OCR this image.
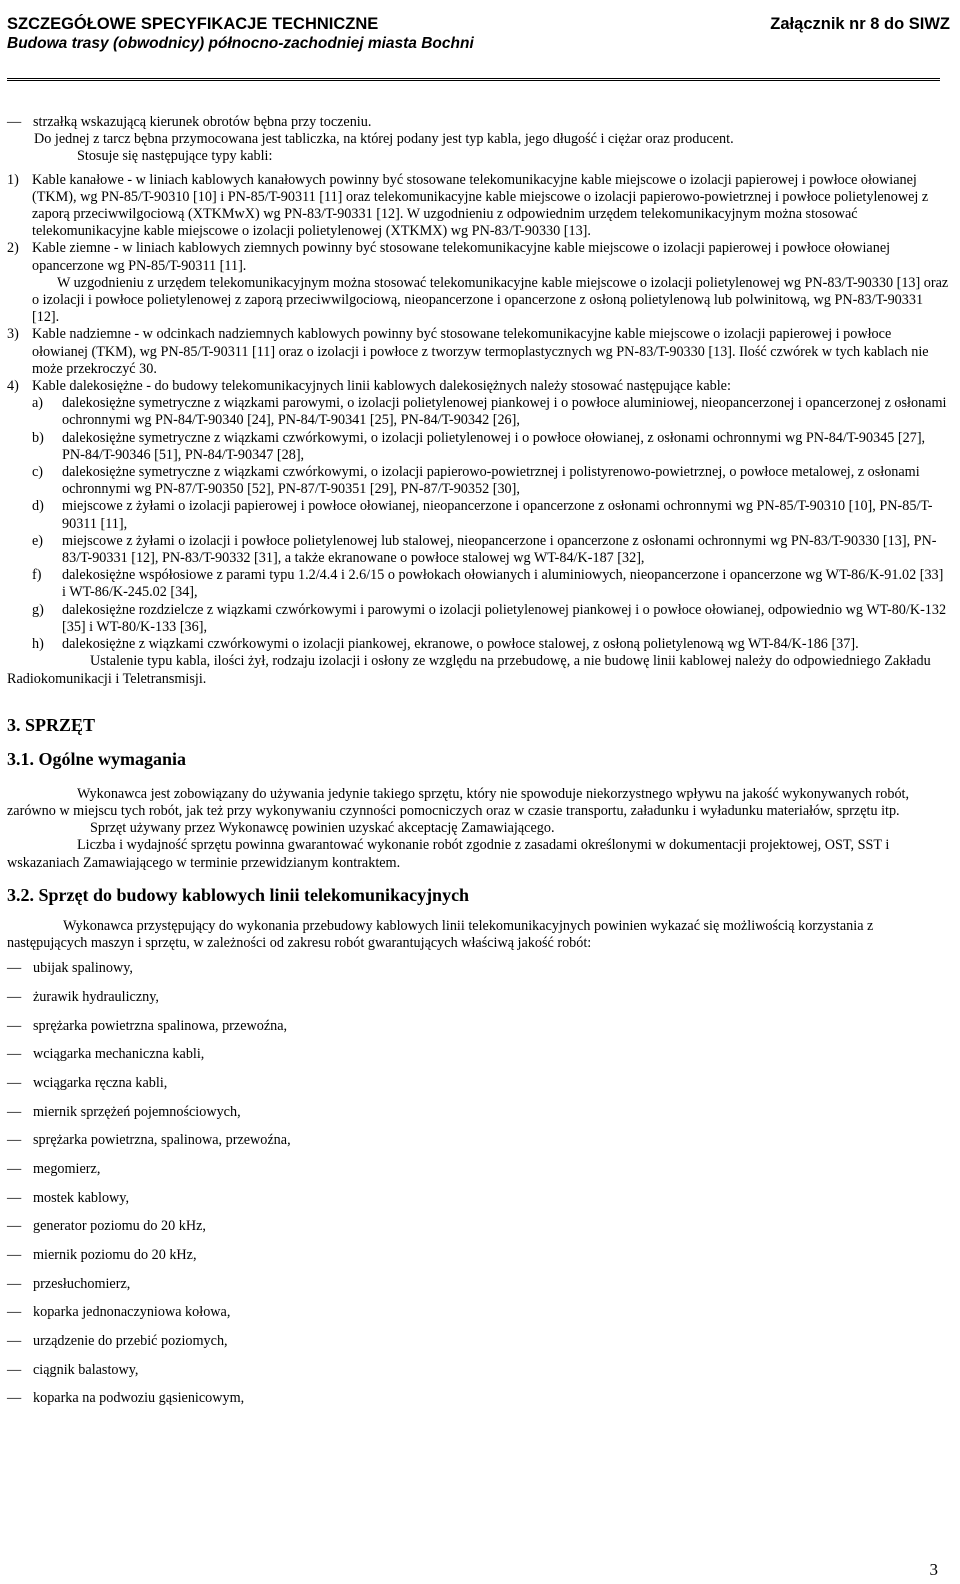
SZCZEGÓŁOWE SPECYFIKACJE TECHNICZNE
Budowa trasy (obwodnicy) północno-zachodniej miasta Bochni
Załącznik nr 8 do SIWZ

— strzałką wskazującą kierunek obrotów bębna przy toczeniu.

Do jednej z tarcz bębna przymocowana jest tabliczka, na której podany jest typ kabla, jego długość i ciężar oraz producent.

Stosuje się następujące typy kabli:

1) Kable kanałowe - w liniach kablowych kanałowych powinny być stosowane telekomunikacyjne kable miejscowe o izolacji papierowej i powłoce ołowianej (TKM), wg PN-85/T-90310 [10] i PN-85/T-90311 [11] oraz telekomunikacyjne kable miejscowe o izolacji papierowo-powietrznej i powłoce polietylenowej z zaporą przeciwwilgociową (XTKMwX) wg PN-83/T-90331 [12]. W uzgodnieniu z odpowiednim urzędem telekomunikacyjnym można stosować telekomunikacyjne kable miejscowe o izolacji polietylenowej (XTKMX) wg PN-83/T-90330 [13].
2) Kable ziemne - w liniach kablowych ziemnych powinny być stosowane telekomunikacyjne kable miejscowe o izolacji papierowej i powłoce ołowianej opancerzone wg PN-85/T-90311 [11].

W uzgodnieniu z urzędem telekomunikacyjnym można stosować telekomunikacyjne kable miejscowe o izolacji polietylenowej wg PN-83/T-90330 [13] oraz o izolacji i powłoce polietylenowej z zaporą przeciwwilgociową, nieopancerzone i opancerzone z osłoną polietylenową lub polwinitową, wg PN-83/T-90331 [12].

3) Kable nadziemne - w odcinkach nadziemnych kablowych powinny być stosowane telekomunikacyjne kable miejscowe o izolacji papierowej i powłoce ołowianej (TKM), wg PN-85/T-90311 [11] oraz o izolacji i powłoce z tworzyw termoplastycznych wg PN-83/T-90330 [13]. Ilość czwórek w tych kablach nie może przekroczyć 30.
4) Kable dalekosiężne - do budowy telekomunikacyjnych linii kablowych dalekosiężnych należy stosować następujące kable:
a) dalekosiężne symetryczne z wiązkami parowymi, o izolacji polietylenowej piankowej i o powłoce aluminiowej, nieopancerzonej i opancerzonej z osłonami ochronnymi wg PN-84/T-90340 [24], PN-84/T-90341 [25], PN-84/T-90342 [26],
b) dalekosiężne symetryczne z wiązkami czwórkowymi, o izolacji polietylenowej i o powłoce ołowianej, z osłonami ochronnymi wg PN-84/T-90345 [27], PN-84/T-90346 [51], PN-84/T-90347 [28],
c) dalekosiężne symetryczne z wiązkami czwórkowymi, o izolacji papierowo-powietrznej i polistyrenowo-powietrznej, o powłoce metalowej, z osłonami ochronnymi wg PN-87/T-90350 [52], PN-87/T-90351 [29], PN-87/T-90352 [30],
d) miejscowe z żyłami o izolacji papierowej i powłoce ołowianej, nieopancerzone i opancerzone z osłonami ochronnymi wg PN-85/T-90310 [10], PN-85/T-90311 [11],
e) miejscowe z żyłami o izolacji i powłoce polietylenowej lub stalowej, nieopancerzone i opancerzone z osłonami ochronnymi wg PN-83/T-90330 [13], PN-83/T-90331 [12], PN-83/T-90332 [31], a także ekranowane o powłoce stalowej wg WT-84/K-187 [32],
f) dalekosiężne współosiowe z parami typu 1.2/4.4 i 2.6/15 o powłokach ołowianych i aluminiowych, nieopancerzone i opancerzone wg WT-86/K-91.02 [33] i WT-86/K-245.02 [34],
g) dalekosiężne rozdzielcze z wiązkami czwórkowymi i parowymi o izolacji polietylenowej piankowej i o powłoce ołowianej, odpowiednio wg WT-80/K-132 [35] i WT-80/K-133 [36],
h) dalekosiężne z wiązkami czwórkowymi o izolacji piankowej, ekranowe, o powłoce stalowej, z osłoną polietylenową wg WT-84/K-186 [37].

Ustalenie typu kabla, ilości żył, rodzaju izolacji i osłony ze względu na przebudowę, a nie budowę linii kablowej należy do odpowiedniego Zakładu Radiokomunikacji i Teletransmisji.

3. SPRZĘT
3.1. Ogólne wymagania

Wykonawca jest zobowiązany do używania jedynie takiego sprzętu, który nie spowoduje niekorzystnego wpływu na jakość wykonywanych robót, zarówno w miejscu tych robót, jak też przy wykonywaniu czynności pomocniczych oraz w czasie transportu, załadunku i wyładunku materiałów, sprzętu itp.

Sprzęt używany przez Wykonawcę powinien uzyskać akceptację Zamawiającego.

Liczba i wydajność sprzętu powinna gwarantować wykonanie robót zgodnie z zasadami określonymi w dokumentacji projektowej, OST, SST i wskazaniach Zamawiającego w terminie przewidzianym kontraktem.

3.2. Sprzęt do budowy kablowych linii telekomunikacyjnych

Wykonawca przystępujący do wykonania przebudowy kablowych linii telekomunikacyjnych powinien wykazać się możliwością korzystania z następujących maszyn i sprzętu, w zależności od zakresu robót gwarantujących właściwą jakość robót:

— ubijak spalinowy,
— żurawik hydrauliczny,
— sprężarka powietrzna spalinowa, przewoźna,
— wciągarka mechaniczna kabli,
— wciągarka ręczna kabli,
— miernik sprzężeń pojemnościowych,
— sprężarka powietrzna, spalinowa, przewoźna,
— megomierz,
— mostek kablowy,
— generator poziomu do 20 kHz,
— miernik poziomu do 20 kHz,
— przesłuchomierz,
— koparka jednonaczyniowa kołowa,
— urządzenie do przebić poziomych,
— ciągnik balastowy,
— koparka na podwoziu gąsienicowym,
3
